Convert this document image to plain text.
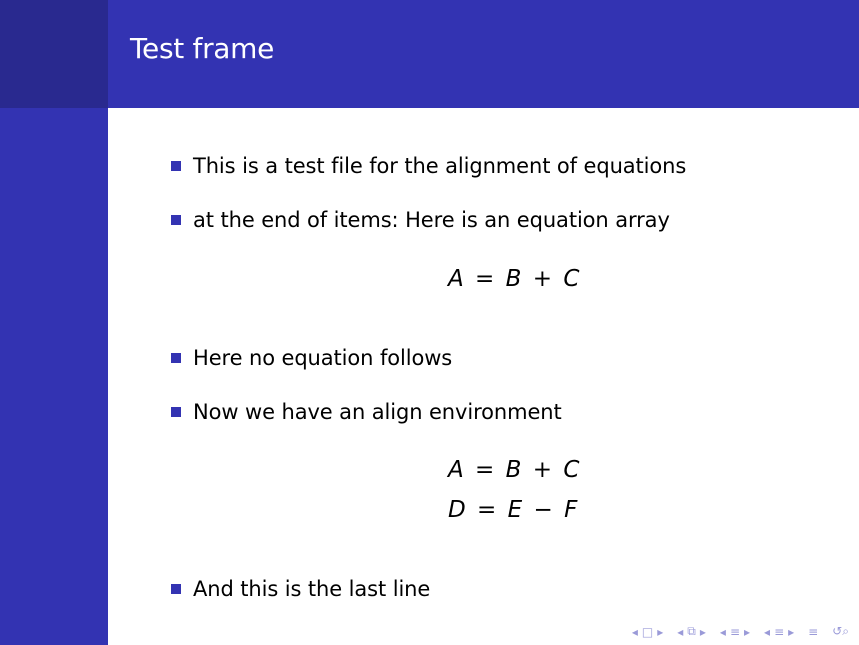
Test frame
This is a test file for the alignment of equations
at the end of items: Here is an equation array
A = B + C
Here no equation follows
Now we have an align environment
A = B + C
D = E − F
And this is the last line
◂ □ ▸ ◂ ⧉ ▸ ◂ ≡ ▸ ◂ ≡ ▸ ≡ ↺⌕
